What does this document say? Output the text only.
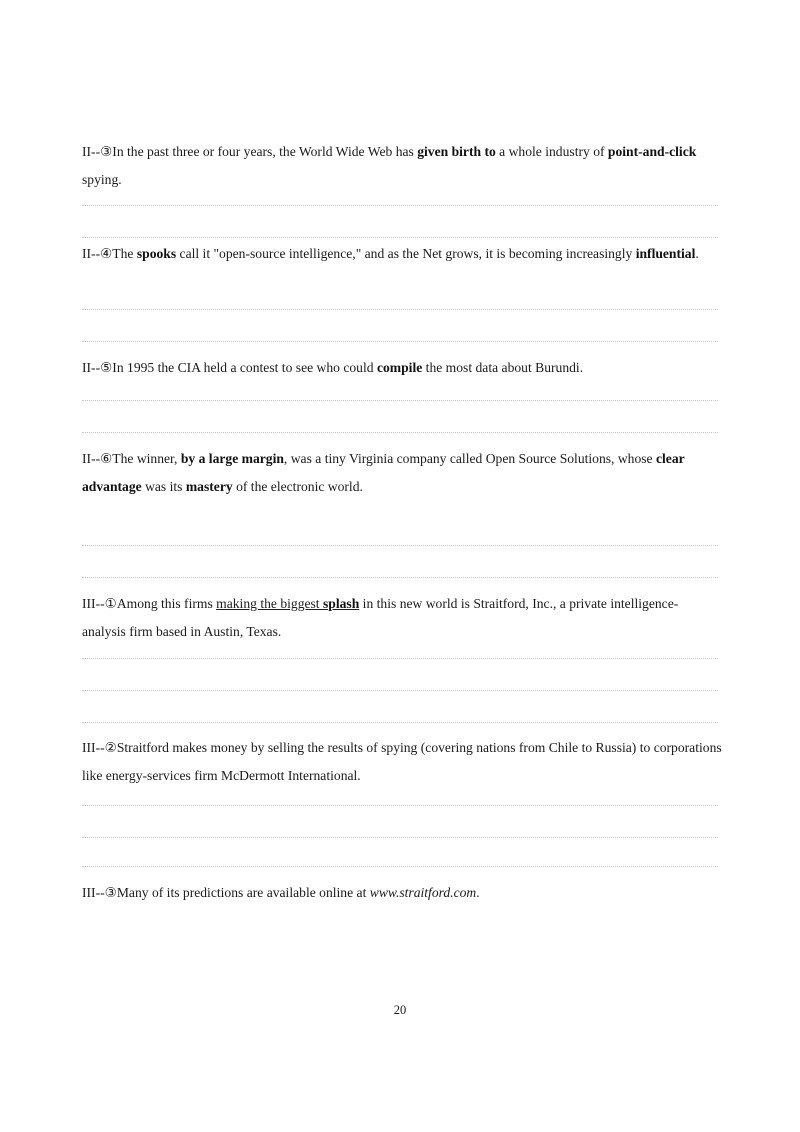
II--③In the past three or four years, the World Wide Web has given birth to a whole industry of point-and-click spying.

II--④The spooks call it "open-source intelligence," and as the Net grows, it is becoming increasingly influential.

II--⑤In 1995 the CIA held a contest to see who could compile the most data about Burundi.

II--⑥The winner, by a large margin, was a tiny Virginia company called Open Source Solutions, whose clear advantage was its mastery of the electronic world.

III--①Among this firms making the biggest splash in this new world is Straitford, Inc., a private intelligence-analysis firm based in Austin, Texas.

III--②Straitford makes money by selling the results of spying (covering nations from Chile to Russia) to corporations like energy-services firm McDermott International.

III--③Many of its predictions are available online at www.straitford.com.

20
